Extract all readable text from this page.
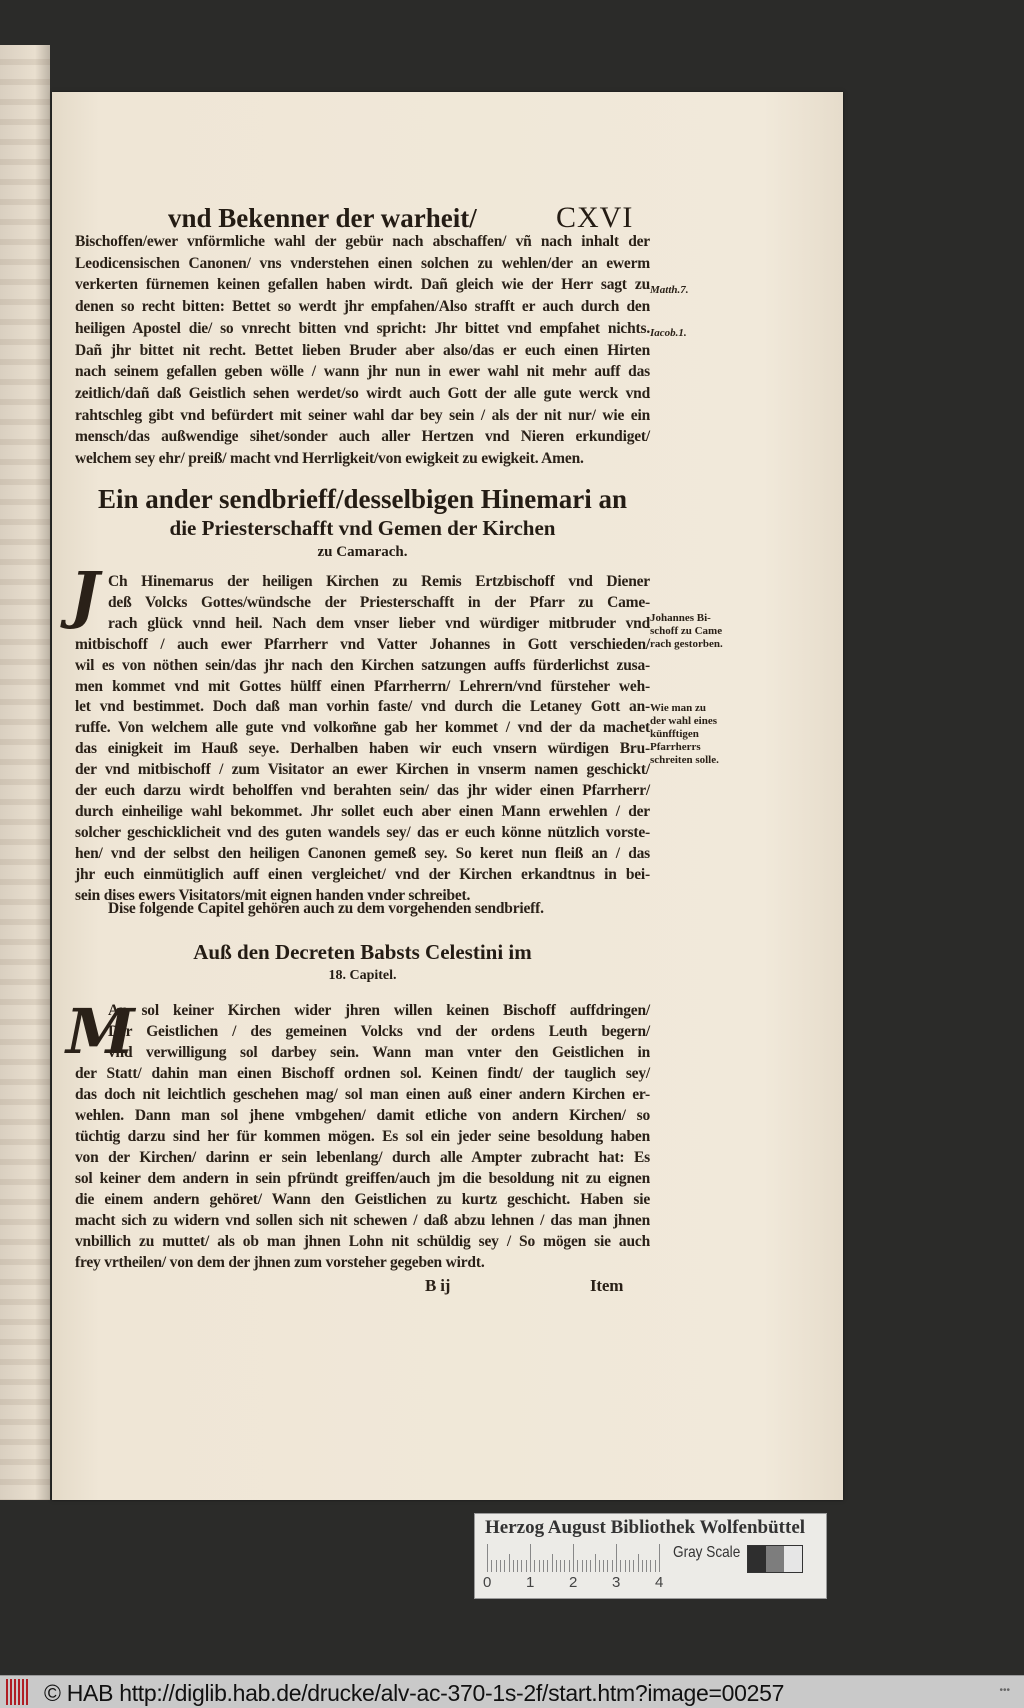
vnd Bekenner der warheit/	CXVI
Bischoffen/ewer vnförmliche wahl der gebür nach abschaffen/ vñ nach inhalt der
Leodicensischen Canonen/ vns vnderstehen einen solchen zu wehlen/der an ewerm
verkerten fürnemen keinen gefallen haben wirdt. Dañ gleich wie der Herr sagt zu
denen so recht bitten: Bettet so werdt jhr empfahen/Also strafft er auch durch den
heiligen Apostel die/ so vnrecht bitten vnd spricht: Jhr bittet vnd empfahet nichts.
Dañ jhr bittet nit recht. Bettet lieben Bruder aber also/das er euch einen Hirten
nach seinem gefallen geben wölle / wann jhr nun in ewer wahl nit mehr auff das
zeitlich/dañ daß Geistlich sehen werdet/so wirdt auch Gott der alle gute werck vnd
rahtschleg gibt vnd befürdert mit seiner wahl dar bey sein / als der nit nur/ wie ein
mensch/das außwendige sihet/sonder auch aller Hertzen vnd Nieren erkundiget/
welchem sey ehr/ preiß/ macht vnd Herrligkeit/von ewigkeit zu ewigkeit. Amen.
Ein ander sendbrieff/desselbigen Hinemari an
die Priesterschafft vnd Gemen der Kirchen
zu Camarach.
J Ch Hinemarus der heiligen Kirchen zu Remis Ertzbischoff vnd Diener
deß Volcks Gottes/wündsche der Priesterschafft in der Pfarr zu Came-
rach glück vnnd heil. Nach dem vnser lieber vnd würdiger mitbruder vnd
mitbischoff / auch ewer Pfarrherr vnd Vatter Johannes in Gott verschieden/
wil es von nöthen sein/das jhr nach den Kirchen satzungen auffs fürderlichst zusa-
men kommet vnd mit Gottes hülff einen Pfarrherrn/ Lehrern/vnd fürsteher weh-
let vnd bestimmet. Doch daß man vorhin faste/ vnd durch die Letaney Gott an-
ruffe. Von welchem alle gute vnd volkom̃ne gab her kommet / vnd der da machet
das einigkeit im Hauß seye. Derhalben haben wir euch vnsern würdigen Bru-
der vnd mitbischoff / zum Visitator an ewer Kirchen in vnserm namen geschickt/
der euch darzu wirdt beholffen vnd berahten sein/ das jhr wider einen Pfarrherr/
durch einheilige wahl bekommet. Jhr sollet euch aber einen Mann erwehlen / der
solcher geschicklicheit vnd des guten wandels sey/ das er euch könne nützlich vorste-
hen/ vnd der selbst den heiligen Canonen gemeß sey. So keret nun fleiß an / das
jhr euch einmütiglich auff einen vergleichet/ vnd der Kirchen erkandtnus in bei-
sein dises ewers Visitators/mit eignen handen vnder schreibet.
Dise folgende Capitel gehören auch zu dem vorgehenden sendbrieff.
Auß den Decreten Babsts Celestini im
18. Capitel.
M
An sol keiner Kirchen wider jhren willen keinen Bischoff auffdringen/
Der Geistlichen / des gemeinen Volcks vnd der ordens Leuth begern/
vnd verwilligung sol darbey sein. Wann man vnter den Geistlichen in
der Statt/ dahin man einen Bischoff ordnen sol. Keinen findt/ der tauglich sey/
das doch nit leichtlich geschehen mag/ sol man einen auß einer andern Kirchen er-
wehlen. Dann man sol jhene vmbgehen/ damit etliche von andern Kirchen/ so
tüchtig darzu sind her für kommen mögen. Es sol ein jeder seine besoldung haben
von der Kirchen/ darinn er sein lebenlang/ durch alle Ampter zubracht hat: Es
sol keiner dem andern in sein pfründt greiffen/auch jm die besoldung nit zu eignen
die einem andern gehöret/ Wann den Geistlichen zu kurtz geschicht. Haben sie
macht sich zu widern vnd sollen sich nit schewen / daß abzu lehnen / das man jhnen
vnbillich zu muttet/ als ob man jhnen Lohn nit schüldig sey / So mögen sie auch
frey vrtheilen/ von dem der jhnen zum vorsteher gegeben wirdt.
B ij	Item
Matth.7.
Iacob.1.
Johannes Bi-
schoff zu Came
rach gestorben.
Wie man zu
der wahl eines
künfftigen
Pfarrherrs
schreiten solle.
Herzog August Bibliothek Wolfenbüttel
Gray Scale
0 1 2 3 4
© HAB http://diglib.hab.de/drucke/alv-ac-370-1s-2f/start.htm?image=00257	•••
